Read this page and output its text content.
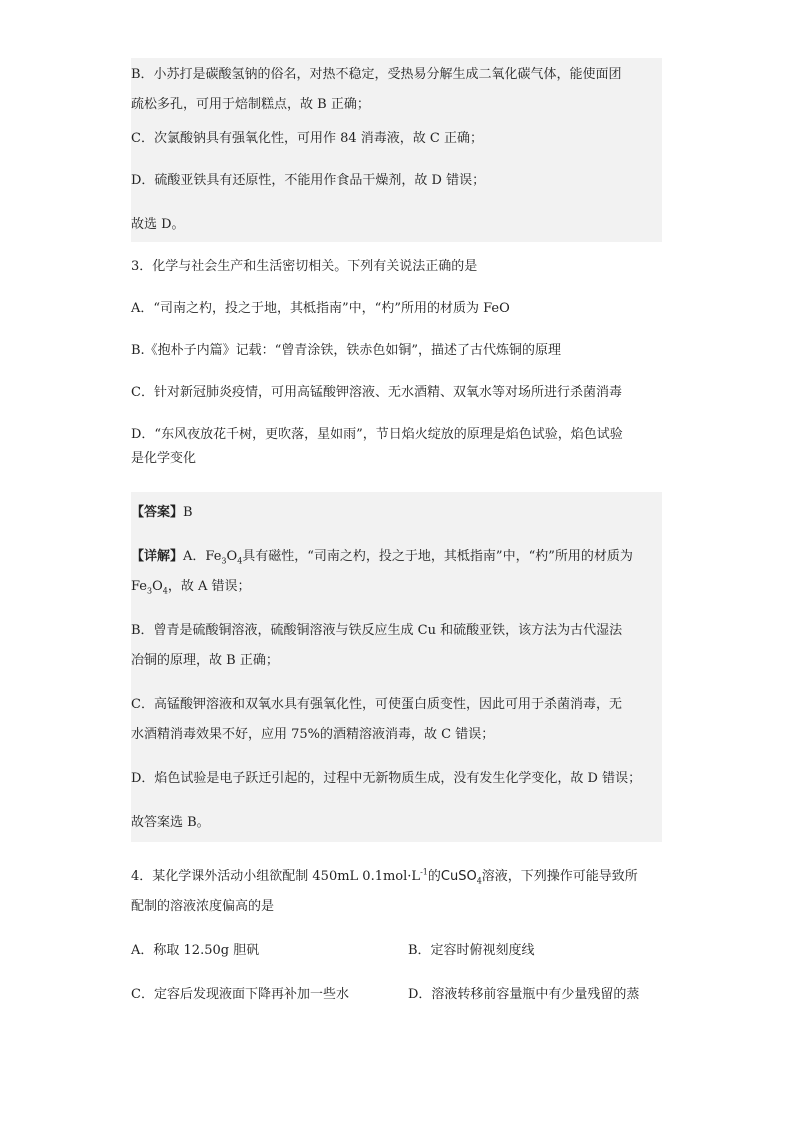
B．小苏打是碳酸氢钠的俗名，对热不稳定，受热易分解生成二氧化碳气体，能使面团
疏松多孔，可用于焙制糕点，故 B 正确；
C．次氯酸钠具有强氧化性，可用作 84 消毒液，故 C 正确；
D．硫酸亚铁具有还原性，不能用作食品干燥剂，故 D 错误；
故选 D。
3．化学与社会生产和生活密切相关。下列有关说法正确的是
A．“司南之杓，投之于地，其柢指南”中，“杓”所用的材质为 FeO
B.《抱朴子内篇》记载：“曾青涂铁，铁赤色如铜”，描述了古代炼铜的原理
C．针对新冠肺炎疫情，可用高锰酸钾溶液、无水酒精、双氧水等对场所进行杀菌消毒
D．“东风夜放花千树，更吹落，星如雨”，节日焰火绽放的原理是焰色试验，焰色试验
是化学变化
【答案】B
【详解】A．$Fe_3O_4$具有磁性，“司南之杓，投之于地，其柢指南”中，“杓”所用的材质为
$Fe_3O_4$，故 A 错误；
B．曾青是硫酸铜溶液，硫酸铜溶液与铁反应生成 Cu 和硫酸亚铁，该方法为古代湿法
冶铜的原理，故 B 正确；
C．高锰酸钾溶液和双氧水具有强氧化性，可使蛋白质变性，因此可用于杀菌消毒，无
水酒精消毒效果不好，应用 75%的酒精溶液消毒，故 C 错误；
D．焰色试验是电子跃迁引起的，过程中无新物质生成，没有发生化学变化，故 D 错误；
故答案选 B。
4．某化学课外活动小组欲配制 450mL $0.1mol\cdot L^{-1}$的CuSO$_4$溶液，下列操作可能导致所
配制的溶液浓度偏高的是
A．称取 12.50g 胆矾	B．定容时俯视刻度线
C．定容后发现液面下降再补加一些水	D．溶液转移前容量瓶中有少量残留的蒸
